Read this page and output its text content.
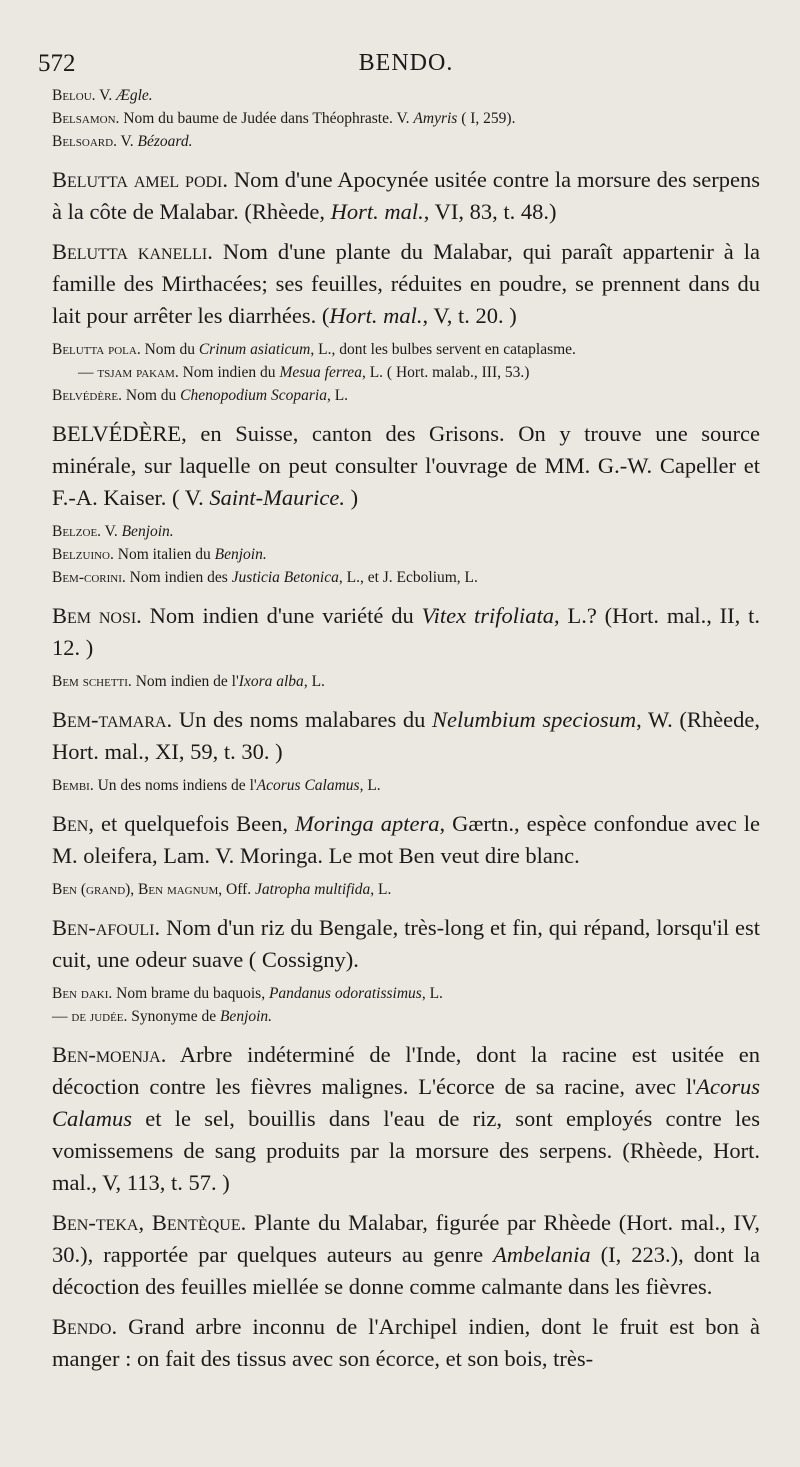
572	BENDO.

Belou. V. Ægle.

Belsamon. Nom du baume de Judée dans Théophraste. V. Amyris ( I, 259).

Belsoard. V. Bézoard.

Belutta amel podi. Nom d'une Apocynée usitée contre la morsure des serpens à la côte de Malabar. (Rhèede, Hort. mal., VI, 83, t. 48.)

Belutta kanelli. Nom d'une plante du Malabar, qui paraît appartenir à la famille des Mirthacées; ses feuilles, réduites en poudre, se prennent dans du lait pour arrêter les diarrhées. (Hort. mal., V, t. 20. )

Belutta pola. Nom du Crinum asiaticum, L., dont les bulbes servent en cataplasme.

— tsjam pakam. Nom indien du Mesua ferrea, L. ( Hort. malab., III, 53.)

Belvédère. Nom du Chenopodium Scoparia, L.

BELVÉDÈRE, en Suisse, canton des Grisons. On y trouve une source minérale, sur laquelle on peut consulter l'ouvrage de MM. G.-W. Capeller et F.-A. Kaiser. ( V. Saint-Maurice. )

Belzoe. V. Benjoin.

Belzuino. Nom italien du Benjoin.

Bem-corini. Nom indien des Justicia Betonica, L., et J. Ecbolium, L.

Bem nosi. Nom indien d'une variété du Vitex trifoliata, L.? (Hort. mal., II, t. 12. )

Bem schetti. Nom indien de l'Ixora alba, L.

Bem-tamara. Un des noms malabares du Nelumbium speciosum, W. (Rhèede, Hort. mal., XI, 59, t. 30. )

Bembi. Un des noms indiens de l'Acorus Calamus, L.

Ben, et quelquefois Been, Moringa aptera, Gærtn., espèce confondue avec le M. oleifera, Lam. V. Moringa. Le mot Ben veut dire blanc.

Ben (grand), Ben magnum, Off. Jatropha multifida, L.

Ben-afouli. Nom d'un riz du Bengale, très-long et fin, qui répand, lorsqu'il est cuit, une odeur suave ( Cossigny).

Ben daki. Nom brame du baquois, Pandanus odoratissimus, L.

— de judée. Synonyme de Benjoin.

Ben-moenja. Arbre indéterminé de l'Inde, dont la racine est usitée en décoction contre les fièvres malignes. L'écorce de sa racine, avec l'Acorus Calamus et le sel, bouillis dans l'eau de riz, sont employés contre les vomissemens de sang produits par la morsure des serpens. (Rhèede, Hort. mal., V, 113, t. 57. )

Ben-teka, Bentèque. Plante du Malabar, figurée par Rhèede (Hort. mal., IV, 30.), rapportée par quelques auteurs au genre Ambelania (I, 223.), dont la décoction des feuilles miellée se donne comme calmante dans les fièvres.

Bendo. Grand arbre inconnu de l'Archipel indien, dont le fruit est bon à manger : on fait des tissus avec son écorce, et son bois, très-
